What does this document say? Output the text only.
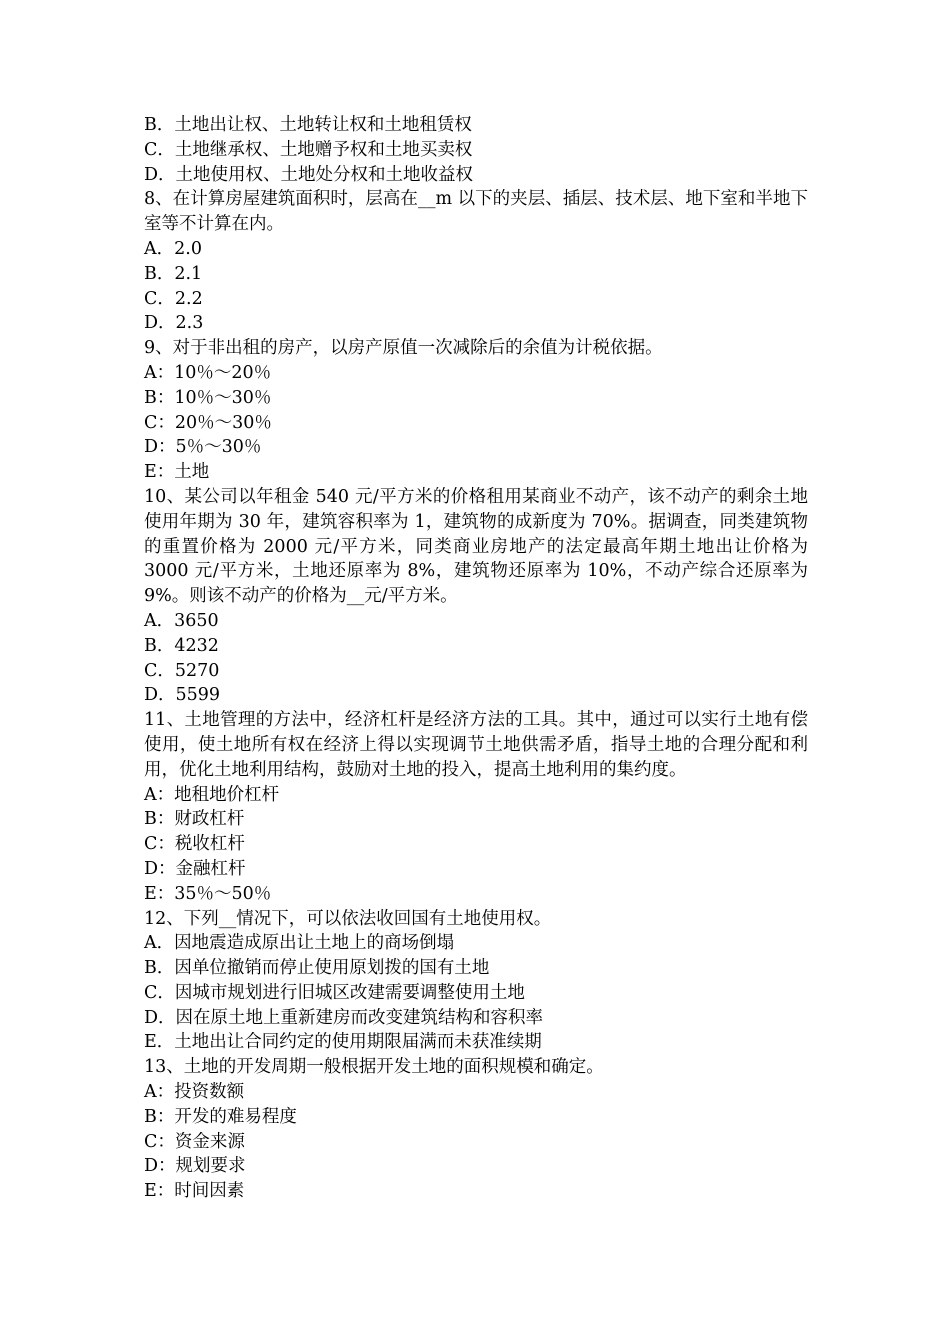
B．土地出让权、土地转让权和土地租赁权
C．土地继承权、土地赠予权和土地买卖权
D．土地使用权、土地处分权和土地收益权
8、在计算房屋建筑面积时，层高在__m 以下的夹层、插层、技术层、地下室和半地下室等不计算在内。
A．2.0
B．2.1
C．2.2
D．2.3
9、对于非出租的房产，以房产原值一次减除后的余值为计税依据。
A：10％～20％
B：10％～30％
C：20％～30％
D：5％～30％
E：土地
10、某公司以年租金 540 元/平方米的价格租用某商业不动产，该不动产的剩余土地使用年期为 30 年，建筑容积率为 1，建筑物的成新度为 70%。据调查，同类建筑物的重置价格为 2000 元/平方米，同类商业房地产的法定最高年期土地出让价格为 3000 元/平方米，土地还原率为 8%，建筑物还原率为 10%，不动产综合还原率为 9%。则该不动产的价格为__元/平方米。
A．3650
B．4232
C．5270
D．5599
11、土地管理的方法中，经济杠杆是经济方法的工具。其中，通过可以实行土地有偿使用，使土地所有权在经济上得以实现调节土地供需矛盾，指导土地的合理分配和利用，优化土地利用结构，鼓励对土地的投入，提高土地利用的集约度。
A：地租地价杠杆
B：财政杠杆
C：税收杠杆
D：金融杠杆
E：35％～50％
12、下列__情况下，可以依法收回国有土地使用权。
A．因地震造成原出让土地上的商场倒塌
B．因单位撤销而停止使用原划拨的国有土地
C．因城市规划进行旧城区改建需要调整使用土地
D．因在原土地上重新建房而改变建筑结构和容积率
E．土地出让合同约定的使用期限届满而未获准续期
13、土地的开发周期一般根据开发土地的面积规模和确定。
A：投资数额
B：开发的难易程度
C：资金来源
D：规划要求
E：时间因素
